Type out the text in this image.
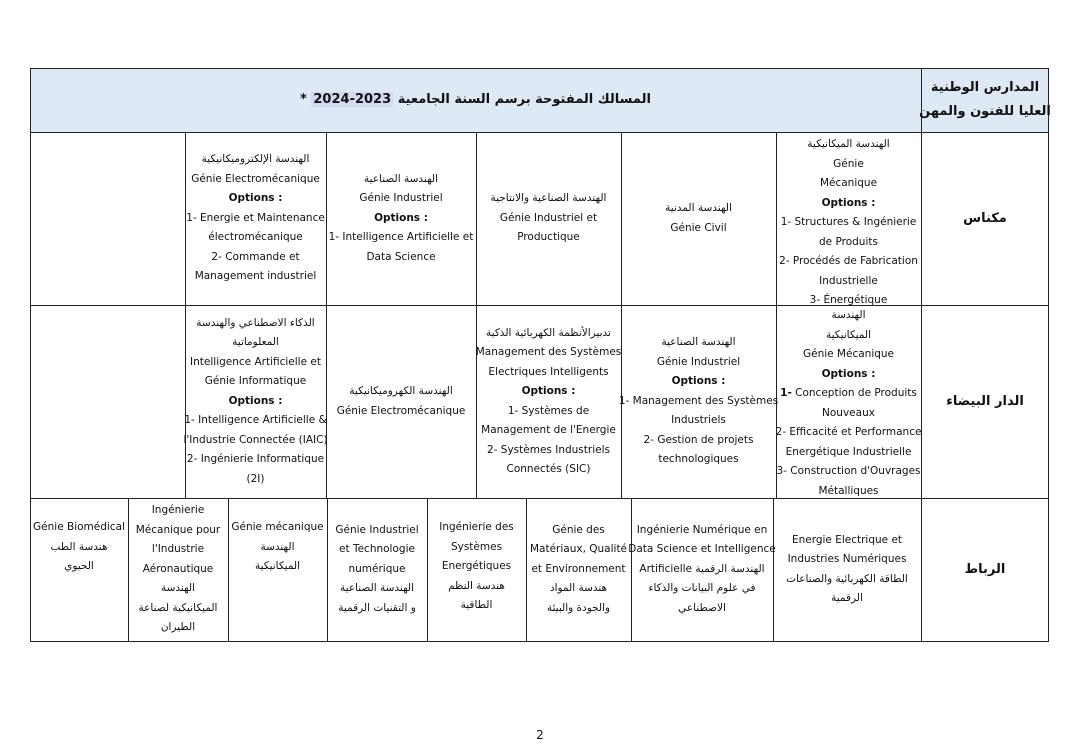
المسالك المفتوحة برسم السنة الجامعية 2024-2023 *
المدارس الوطنية
العليا للفنون والمهن
مكناس
الهندسة الميكانيكية
Génie
Mécanique
Options :
1- Structures & Ingénierie
de Produits
2- Procédés de Fabrication
Industrielle
3- Énergétique
الهندسة المدنية
Génie Civil
الهندسة الصناعية والانتاجية
Génie Industriel et
Productique
الهندسة الصناعية
Génie Industriel
Options :
1- Intelligence Artificielle et
Data Science
الهندسة الإلكتروميكانيكية
Génie Electromécanique
Options :
1- Energie et Maintenance
électromécanique
2- Commande et
Management industriel
الدار البيضاء
الهندسة
الميكانيكية
Génie Mécanique
Options :
1- Conception de Produits
Nouveaux
2- Efficacité et Performance
Energétique Industrielle
3- Construction d'Ouvrages
Métalliques
الهندسة الصناعية
Génie Industriel
Options :
1- Management des Systèmes
Industriels
2- Gestion de projets
technologiques
تدبيرالأنظمة الكهربائية الذكية
Management des Systèmes
Electriques Intelligents
Options :
1- Systèmes de
Management de l'Energie
2- Systèmes Industriels
Connectés (SIC)
الهندسة الكهروميكانيكية
Génie Electromécanique
الذكاء الاصطناعي والهندسة
المعلوماتية
Intelligence Artificielle et
Génie Informatique
Options :
1- Intelligence Artificielle &
l'Industrie Connectée (IAIC)
2- Ingénierie Informatique
(2I)
الرباط
Energie Electrique et
Industries Numériques
الطاقة الكهربائية والصناعات
الرقمية
Ingénierie Numérique en
Data Science et Intelligence
Artificielle الهندسة الرقمية
في علوم البيانات والذكاء
الاصطناعي
Génie des
Matériaux, Qualité
et Environnement
هندسة المواد
والجودة والبيئة
Ingénierie des
Systèmes
Energétiques
هندسة النظم
الطاقية
Génie Industriel
et Technologie
numérique
الهندسة الصناعية
و التقنيات الرقمية
Génie mécanique
الهندسة
الميكانيكية
Ingénierie
Mécanique pour
l'Industrie
Aéronautique
الهندسة
الميكانيكية لصناعة
الطيران
Génie Biomédical
هندسة الطب
الحيوي
2
